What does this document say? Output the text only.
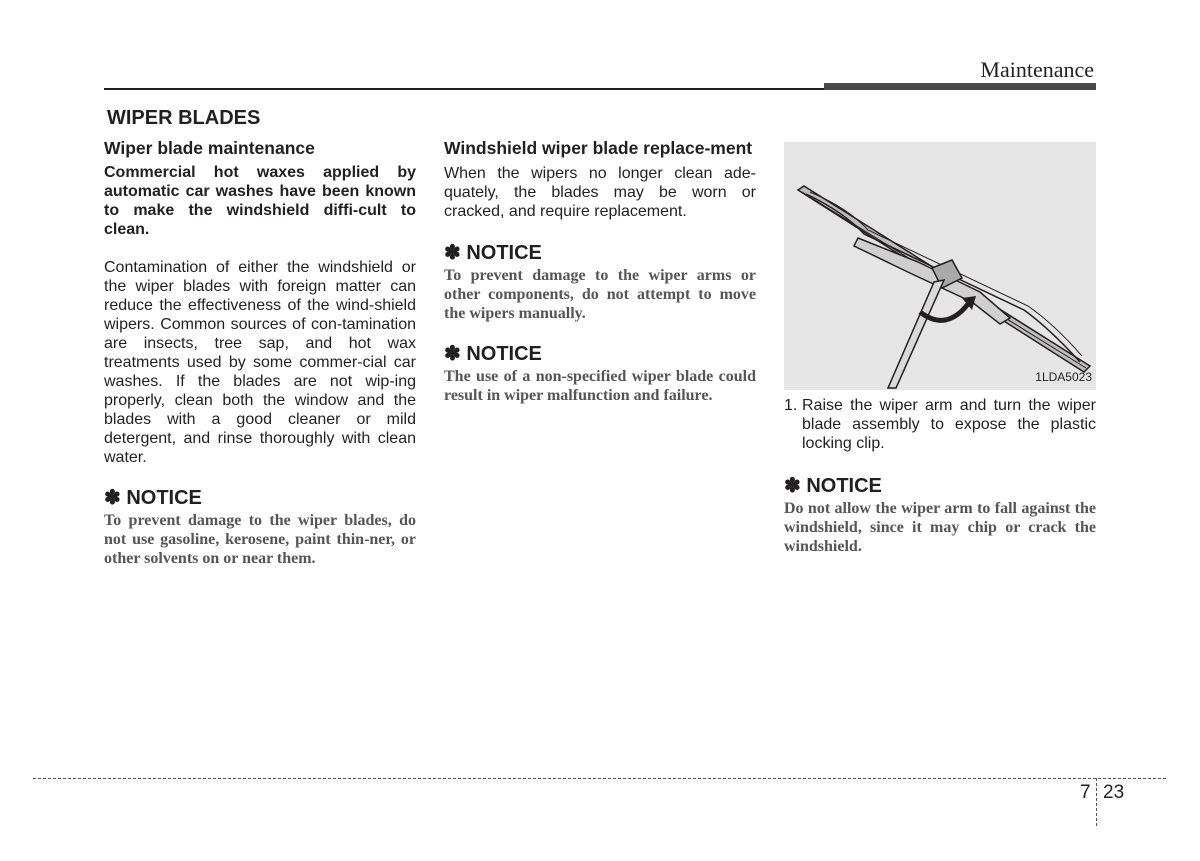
Maintenance
WIPER BLADES

Wiper blade maintenance

Commercial hot waxes applied by automatic car washes have been known to make the windshield diffi-cult to clean.

Contamination of either the windshield or the wiper blades with foreign matter can reduce the effectiveness of the wind-shield wipers. Common sources of con-tamination are insects, tree sap, and hot wax treatments used by some commer-cial car washes. If the blades are not wip-ing properly, clean both the window and the blades with a good cleaner or mild detergent, and rinse thoroughly with clean water.

✽ NOTICE

To prevent damage to the wiper blades, do not use gasoline, kerosene, paint thin-ner, or other solvents on or near them.

Windshield wiper blade replace-ment

When the wipers no longer clean ade-quately, the blades may be worn or cracked, and require replacement.

✽ NOTICE

To prevent damage to the wiper arms or other components, do not attempt to move the wipers manually.

✽ NOTICE

The use of a non-specified wiper blade could result in wiper malfunction and failure.

1LDA5023

1. Raise the wiper arm and turn the wiper blade assembly to expose the plastic locking clip.

✽ NOTICE

Do not allow the wiper arm to fall against the windshield, since it may chip or crack the windshield.

7 23
